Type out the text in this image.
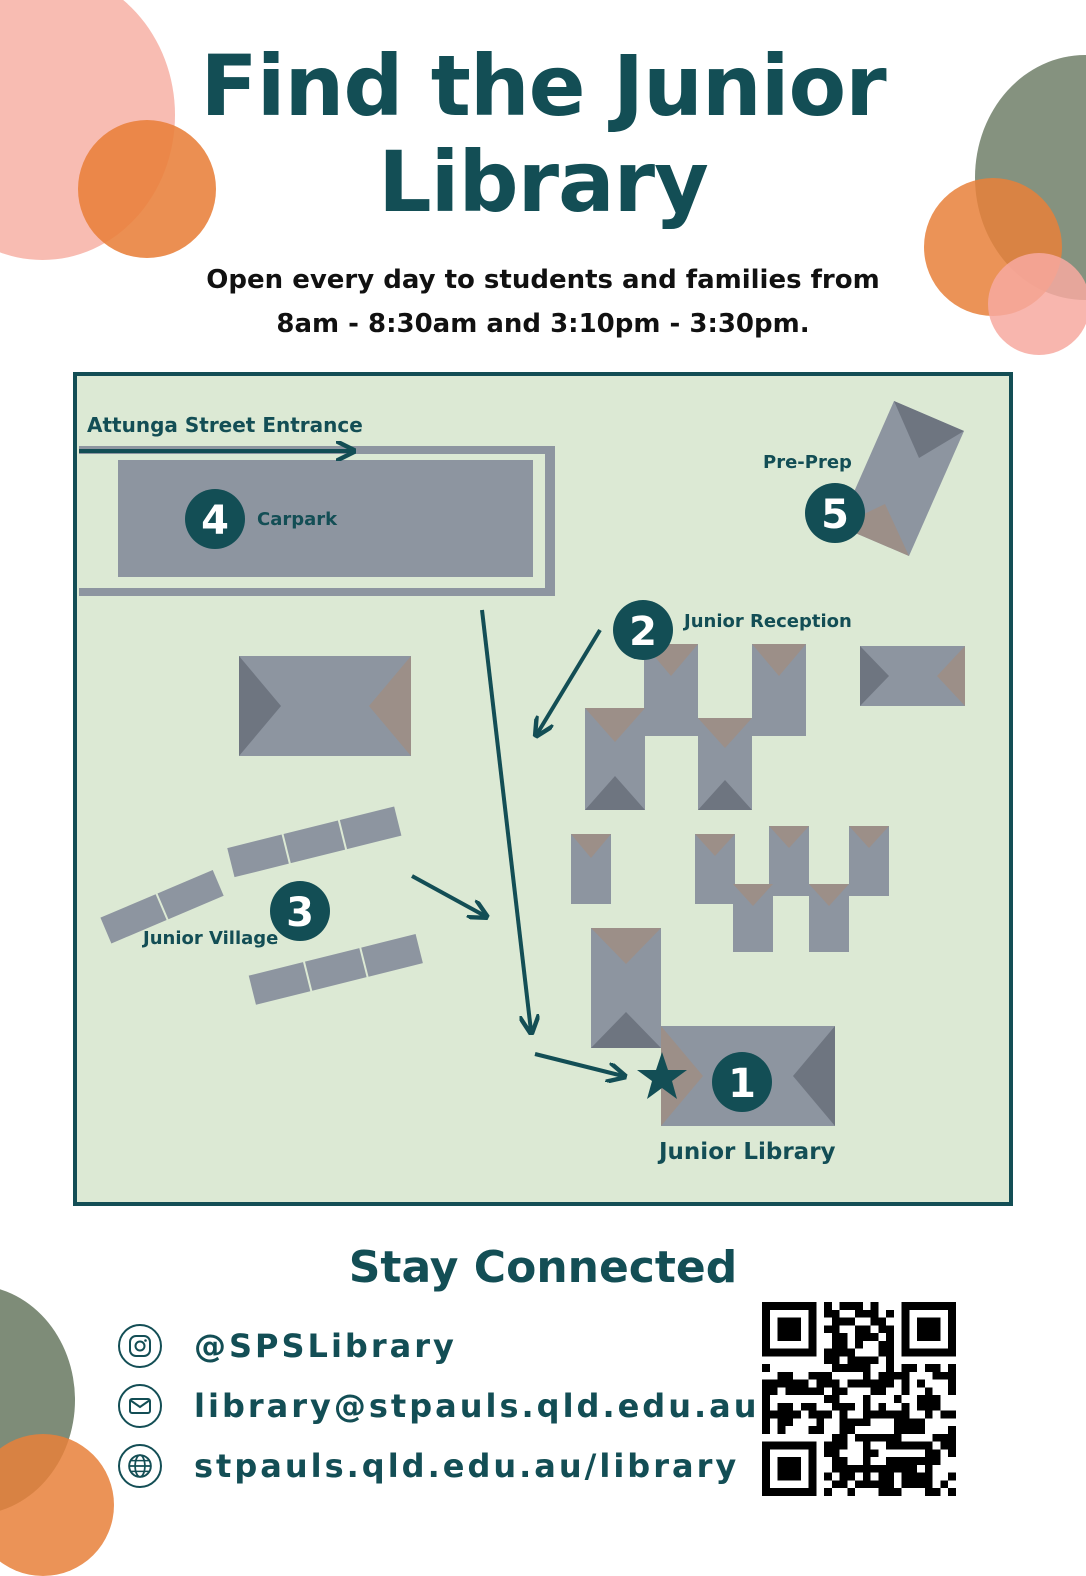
Find the Junior
Library
Open every day to students and families from
8am - 8:30am and 3:10pm - 3:30pm.
Attunga Street Entrance
4 Carpark	5
Pre-Prep
2 Junior Reception
3
Junior Village
1
Junior Library
Stay Connected
@SPSLibrary
library@stpauls.qld.edu.au
stpauls.qld.edu.au/library
